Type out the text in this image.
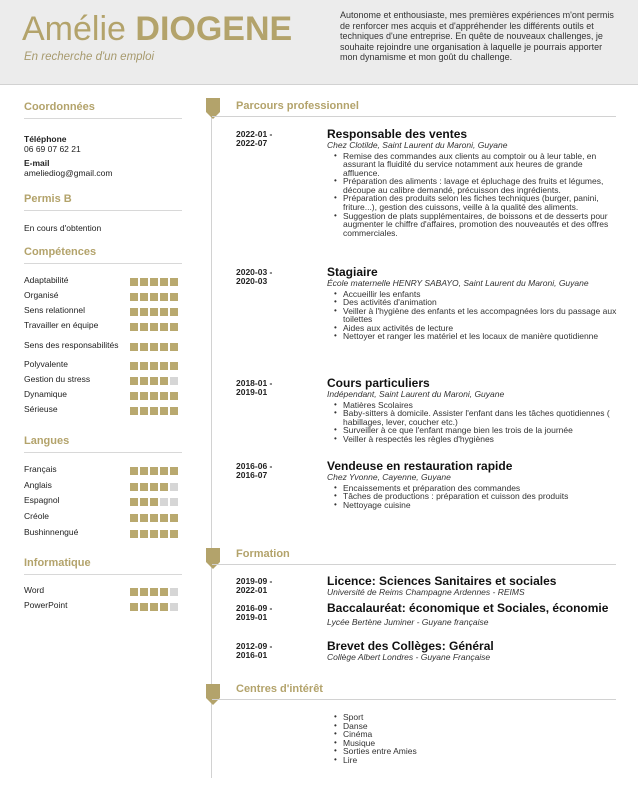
Amélie DIOGENE
En recherche d'un emploi
Autonome et enthousiaste, mes premières expériences m'ont permis de renforcer mes acquis et d'appréhender les différents outils et techniques d'une entreprise. En quête de nouveaux challenges, je souhaite rejoindre une organisation à laquelle je pourrais apporter mon dynamisme et mon goût du challenge.
Coordonnées
Téléphone
06 69 07 62 21
E-mail
ameliediog@gmail.com
Permis B
En cours d'obtention
Compétences
Adaptabilité
Organisé
Sens relationnel
Travailler en équipe
Sens des responsabilités
Polyvalente
Gestion du stress
Dynamique
Sérieuse
Langues
Français
Anglais
Espagnol
Créole
Bushinnengué
Informatique
Word
PowerPoint
Parcours professionnel
2022-01 -
2022-07
Responsable des ventes
Chez Clotilde, Saint Laurent du Maroni, Guyane
• Remise des commandes aux clients au comptoir ou à leur table, en assurant la fluidité du service notamment aux heures de grande affluence.
• Préparation des aliments : lavage et épluchage des fruits et légumes, découpe au calibre demandé, précuisson des ingrédients.
• Préparation des produits selon les fiches techniques (burger, panini, friture...), gestion des cuissons, veille à la qualité des aliments.
• Suggestion de plats supplémentaires, de boissons et de desserts pour augmenter le chiffre d'affaires, promotion des nouveautés et des offres commerciales.
2020-03 -
2020-03
Stagiaire
École maternelle HENRY SABAYO, Saint Laurent du Maroni, Guyane
• Accueillir les enfants
• Des activités d'animation
• Veiller à l'hygiène des enfants et les accompagnées lors du passage aux toilettes
• Aides aux activités de lecture
• Nettoyer et ranger les matériel et les locaux de manière quotidienne
2018-01 -
2019-01
Cours particuliers
Indépendant, Saint Laurent du Maroni, Guyane
• Matières Scolaires
• Baby-sitters à domicile. Assister l'enfant dans les tâches quotidiennes ( habillages, lever, coucher etc.)
• Surveiller à ce que l'enfant mange bien les trois de la journée
• Veiller à respectés les règles d'hygiènes
2016-06 -
2016-07
Vendeuse en restauration rapide
Chez Yvonne, Cayenne, Guyane
• Encaissements et préparation des commandes
• Tâches de productions : préparation et cuisson des produits
• Nettoyage cuisine
Formation
2019-09 -
2022-01
Licence: Sciences Sanitaires et sociales
Université de Reims Champagne Ardennes - REIMS
2016-09 -
2019-01
Baccalauréat: économique et Sociales, économie
Lycée Bertène Juminer - Guyane française
2012-09 -
2016-01
Brevet des Collèges: Général
Collège Albert Londres - Guyane Française
Centres d'intérêt
• Sport
• Danse
• Cinéma
• Musique
• Sorties entre Amies
• Lire
